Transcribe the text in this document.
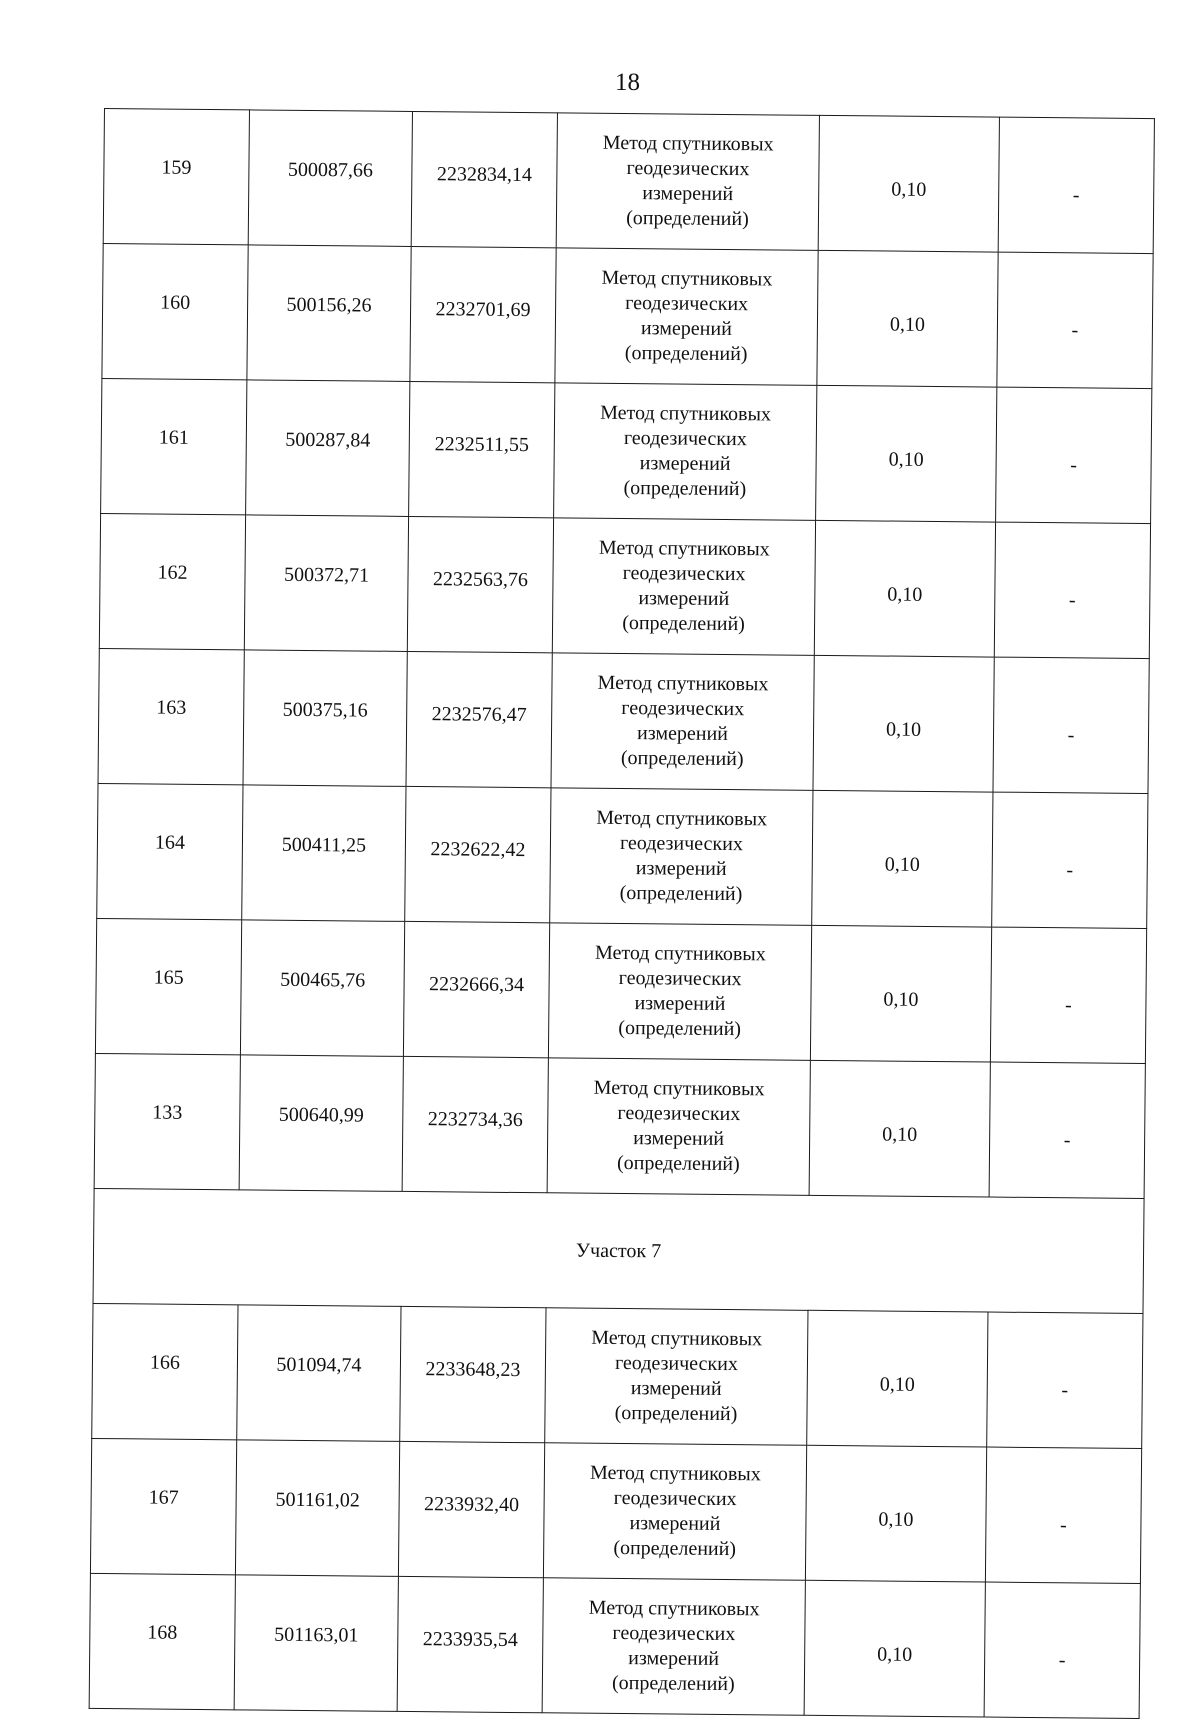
18
159	500087,66	2232834,14	Метод спутниковых
геодезических
измерений
(определений)	0,10	-
160	500156,26	2232701,69	Метод спутниковых
геодезических
измерений
(определений)	0,10	-
161	500287,84	2232511,55	Метод спутниковых
геодезических
измерений
(определений)	0,10	-
162	500372,71	2232563,76	Метод спутниковых
геодезических
измерений
(определений)	0,10	-
163	500375,16	2232576,47	Метод спутниковых
геодезических
измерений
(определений)	0,10	-
164	500411,25	2232622,42	Метод спутниковых
геодезических
измерений
(определений)	0,10	-
165	500465,76	2232666,34	Метод спутниковых
геодезических
измерений
(определений)	0,10	-
133	500640,99	2232734,36	Метод спутниковых
геодезических
измерений
(определений)	0,10	-
Участок 7					
166	501094,74	2233648,23	Метод спутниковых
геодезических
измерений
(определений)	0,10	-
167	501161,02	2233932,40	Метод спутниковых
геодезических
измерений
(определений)	0,10	-
168	501163,01	2233935,54	Метод спутниковых
геодезических
измерений
(определений)	0,10	-
